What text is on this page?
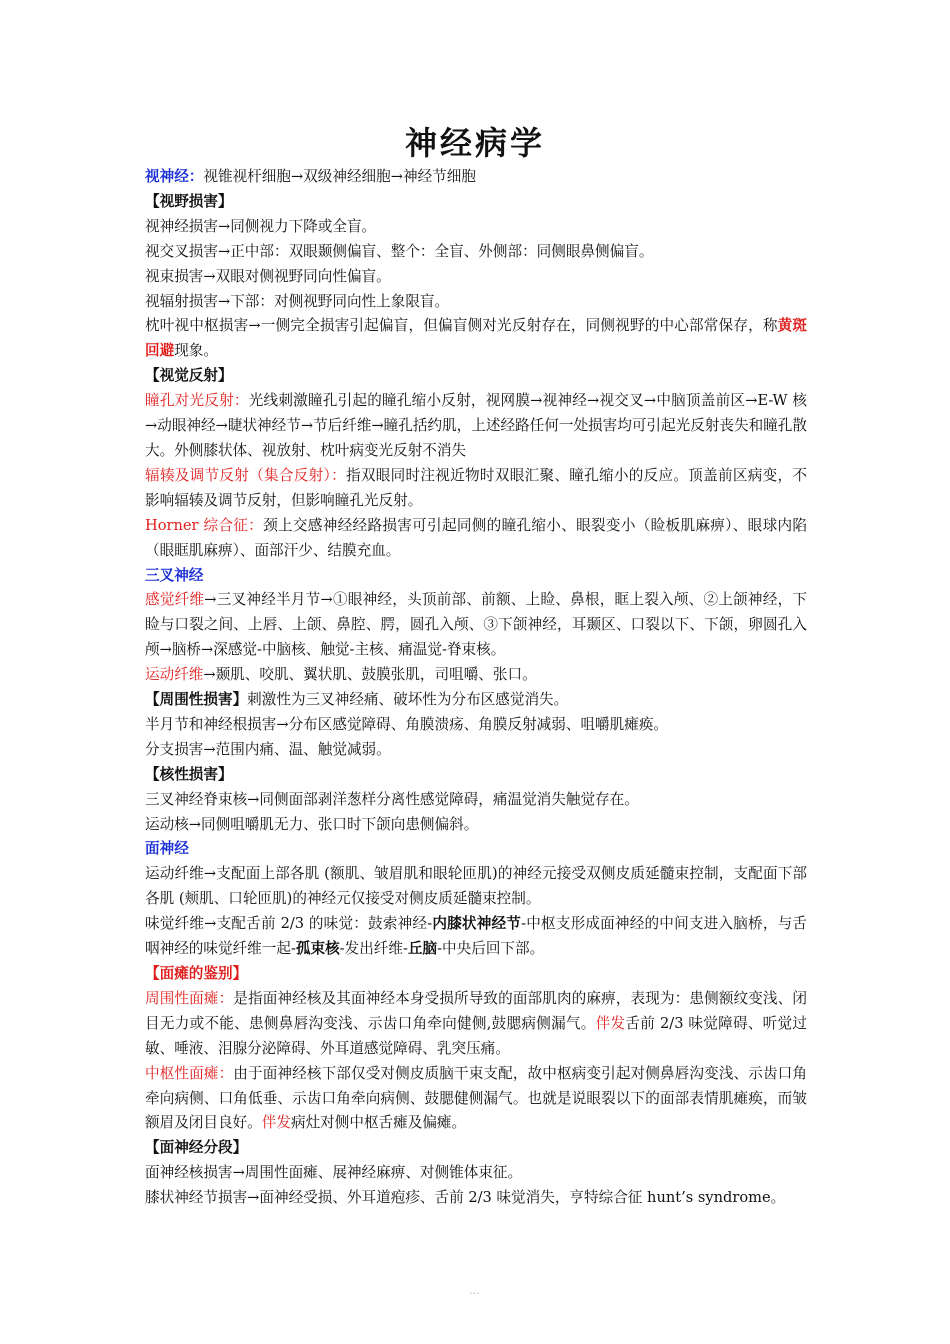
神经病学

视神经：视锥视杆细胞→双级神经细胞→神经节细胞

【视野损害】

视神经损害→同侧视力下降或全盲。

视交叉损害→正中部：双眼颞侧偏盲、整个：全盲、外侧部：同侧眼鼻侧偏盲。

视束损害→双眼对侧视野同向性偏盲。

视辐射损害→下部：对侧视野同向性上象限盲。

枕叶视中枢损害→一侧完全损害引起偏盲，但偏盲侧对光反射存在，同侧视野的中心部常保存，称黄斑回避现象。

【视觉反射】

瞳孔对光反射：光线刺激瞳孔引起的瞳孔缩小反射，视网膜→视神经→视交叉→中脑顶盖前区→E-W 核→动眼神经→睫状神经节→节后纤维→瞳孔括约肌，上述经路任何一处损害均可引起光反射丧失和瞳孔散大。外侧膝状体、视放射、枕叶病变光反射不消失

辐辏及调节反射（集合反射）：指双眼同时注视近物时双眼汇聚、瞳孔缩小的反应。顶盖前区病变，不影响辐辏及调节反射，但影响瞳孔光反射。

Horner 综合征：颈上交感神经经路损害可引起同侧的瞳孔缩小、眼裂变小（睑板肌麻痹）、眼球内陷（眼眶肌麻痹）、面部汗少、结膜充血。

三叉神经

感觉纤维→三叉神经半月节→①眼神经，头顶前部、前额、上睑、鼻根，眶上裂入颅、②上颌神经，下睑与口裂之间、上唇、上颌、鼻腔、腭，圆孔入颅、③下颌神经，耳颞区、口裂以下、下颌，卵圆孔入颅→脑桥→深感觉-中脑核、触觉-主核、痛温觉-脊束核。

运动纤维→颞肌、咬肌、翼状肌、鼓膜张肌，司咀嚼、张口。

【周围性损害】刺激性为三叉神经痛、破坏性为分布区感觉消失。

半月节和神经根损害→分布区感觉障碍、角膜溃疡、角膜反射减弱、咀嚼肌瘫痪。

分支损害→范围内痛、温、触觉减弱。

【核性损害】

三叉神经脊束核→同侧面部剥洋葱样分离性感觉障碍，痛温觉消失触觉存在。

运动核→同侧咀嚼肌无力、张口时下颌向患侧偏斜。

面神经

运动纤维→支配面上部各肌 (额肌、皱眉肌和眼轮匝肌)的神经元接受双侧皮质延髓束控制，支配面下部各肌 (颊肌、口轮匝肌)的神经元仅接受对侧皮质延髓束控制。

味觉纤维→支配舌前 2/3 的味觉：鼓索神经-内膝状神经节-中枢支形成面神经的中间支进入脑桥，与舌咽神经的味觉纤维一起-孤束核-发出纤维-丘脑-中央后回下部。

【面瘫的鉴别】

周围性面瘫：是指面神经核及其面神经本身受损所导致的面部肌肉的麻痹，表现为：患侧额纹变浅、闭目无力或不能、患侧鼻唇沟变浅、示齿口角牵向健侧,鼓腮病侧漏气。伴发舌前 2/3 味觉障碍、听觉过敏、唾液、泪腺分泌障碍、外耳道感觉障碍、乳突压痛。

中枢性面瘫：由于面神经核下部仅受对侧皮质脑干束支配，故中枢病变引起对侧鼻唇沟变浅、示齿口角牵向病侧、口角低垂、示齿口角牵向病侧、鼓腮健侧漏气。也就是说眼裂以下的面部表情肌瘫痪，而皱额眉及闭目良好。伴发病灶对侧中枢舌瘫及偏瘫。

【面神经分段】

面神经核损害→周围性面瘫、展神经麻痹、对侧锥体束征。

膝状神经节损害→面神经受损、外耳道疱疹、舌前 2/3 味觉消失，亨特综合征 hunt’s syndrome。

…
